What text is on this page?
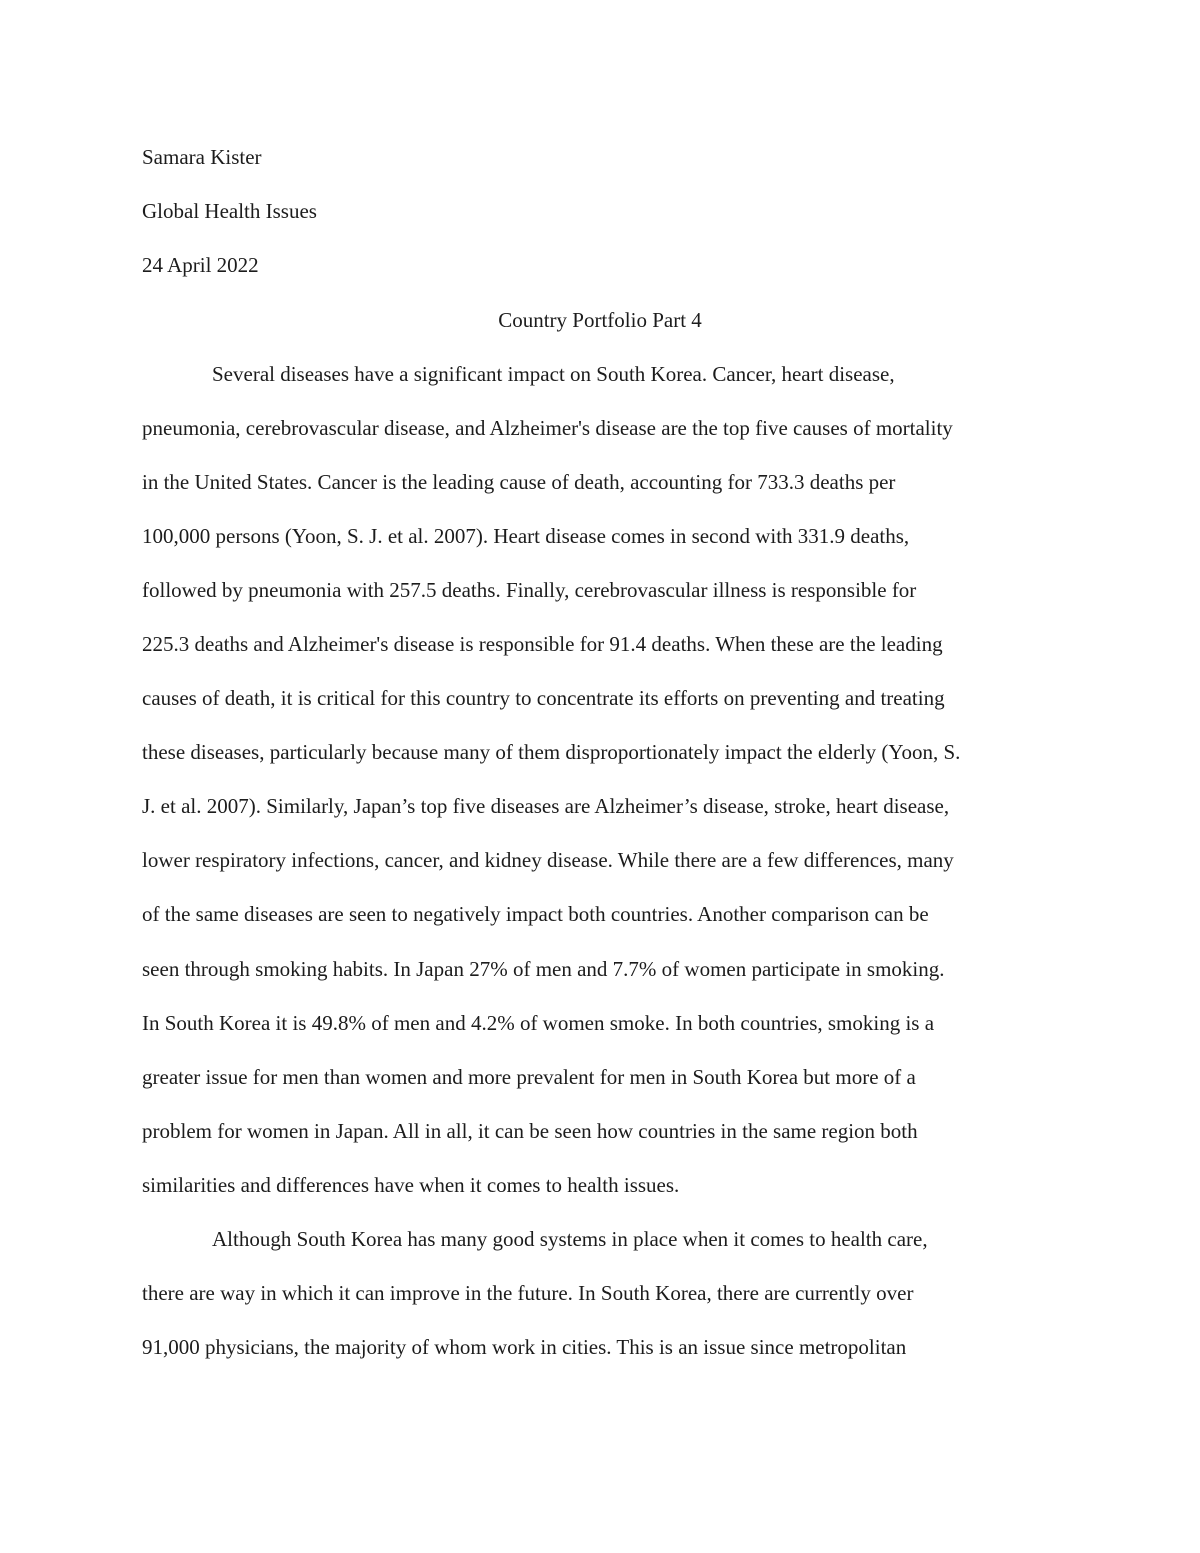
Samara Kister
Global Health Issues
24 April 2022
Country Portfolio Part 4
Several diseases have a significant impact on South Korea. Cancer, heart disease,
pneumonia, cerebrovascular disease, and Alzheimer's disease are the top five causes of mortality
in the United States. Cancer is the leading cause of death, accounting for 733.3 deaths per
100,000 persons (Yoon, S. J. et al. 2007). Heart disease comes in second with 331.9 deaths,
followed by pneumonia with 257.5 deaths. Finally, cerebrovascular illness is responsible for
225.3 deaths and Alzheimer's disease is responsible for 91.4 deaths. When these are the leading
causes of death, it is critical for this country to concentrate its efforts on preventing and treating
these diseases, particularly because many of them disproportionately impact the elderly (Yoon, S.
J. et al. 2007). Similarly, Japan’s top five diseases are Alzheimer’s disease, stroke, heart disease,
lower respiratory infections, cancer, and kidney disease. While there are a few differences, many
of the same diseases are seen to negatively impact both countries. Another comparison can be
seen through smoking habits. In Japan 27% of men and 7.7% of women participate in smoking.
In South Korea it is 49.8% of men and 4.2% of women smoke. In both countries, smoking is a
greater issue for men than women and more prevalent for men in South Korea but more of a
problem for women in Japan. All in all, it can be seen how countries in the same region both
similarities and differences have when it comes to health issues.
Although South Korea has many good systems in place when it comes to health care,
there are way in which it can improve in the future. In South Korea, there are currently over
91,000 physicians, the majority of whom work in cities. This is an issue since metropolitan
